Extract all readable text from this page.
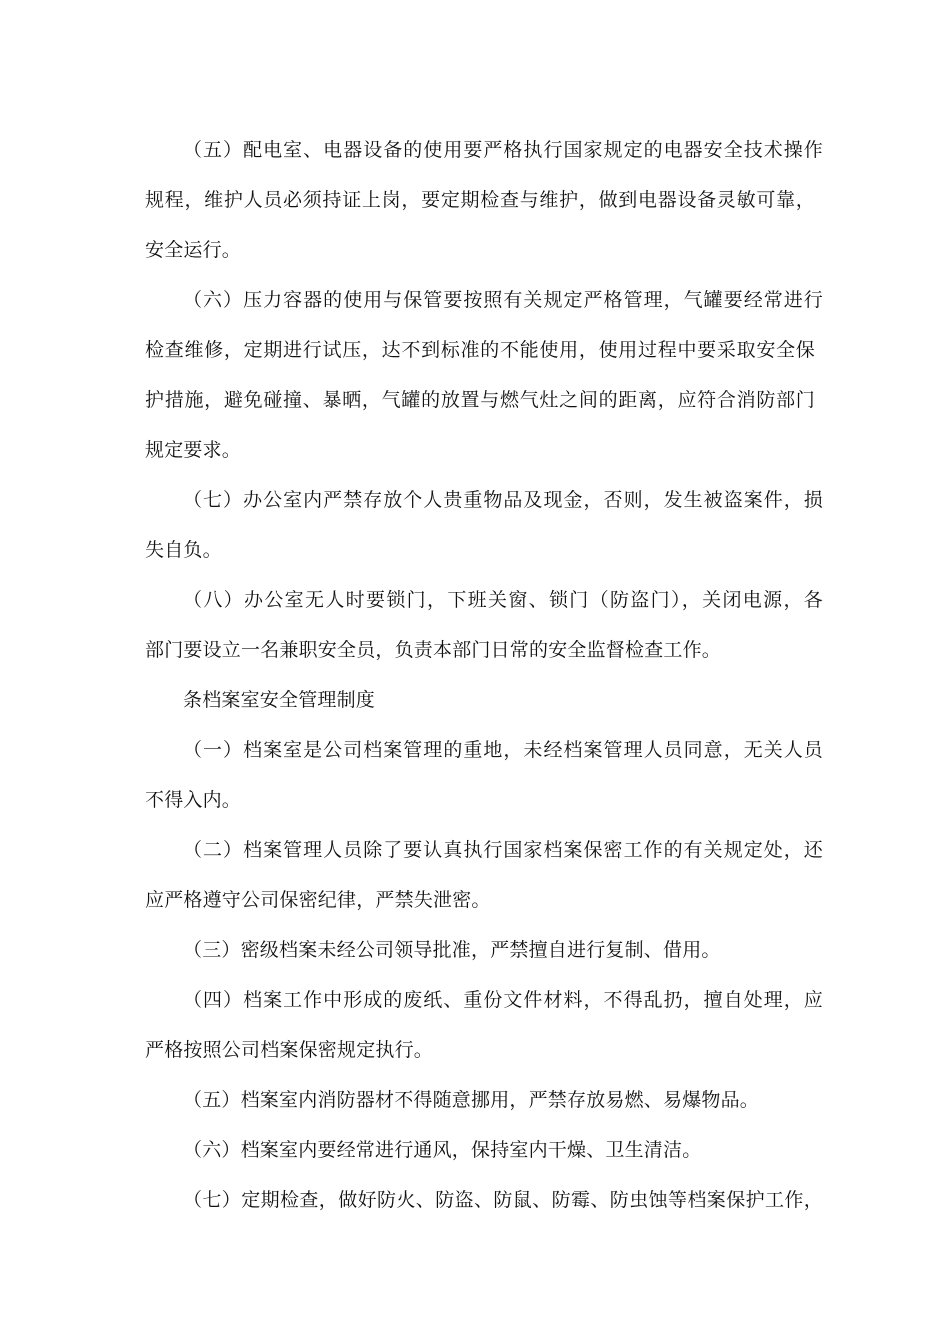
（五）配电室、电器设备的使用要严格执行国家规定的电器安全技术操作
规程，维护人员必须持证上岗，要定期检查与维护，做到电器设备灵敏可靠，
安全运行。
（六）压力容器的使用与保管要按照有关规定严格管理，气罐要经常进行
检查维修，定期进行试压，达不到标准的不能使用，使用过程中要采取安全保
护措施，避免碰撞、暴晒，气罐的放置与燃气灶之间的距离，应符合消防部门
规定要求。
（七）办公室内严禁存放个人贵重物品及现金，否则，发生被盗案件，损
失自负。
（八）办公室无人时要锁门，下班关窗、锁门（防盗门），关闭电源，各
部门要设立一名兼职安全员，负责本部门日常的安全监督检查工作。
条档案室安全管理制度
（一）档案室是公司档案管理的重地，未经档案管理人员同意，无关人员
不得入内。
（二）档案管理人员除了要认真执行国家档案保密工作的有关规定处，还
应严格遵守公司保密纪律，严禁失泄密。
（三）密级档案未经公司领导批准，严禁擅自进行复制、借用。
（四）档案工作中形成的废纸、重份文件材料，不得乱扔，擅自处理，应
严格按照公司档案保密规定执行。
（五）档案室内消防器材不得随意挪用，严禁存放易燃、易爆物品。
（六）档案室内要经常进行通风，保持室内干燥、卫生清洁。
（七）定期检查，做好防火、防盗、防鼠、防霉、防虫蚀等档案保护工作，
